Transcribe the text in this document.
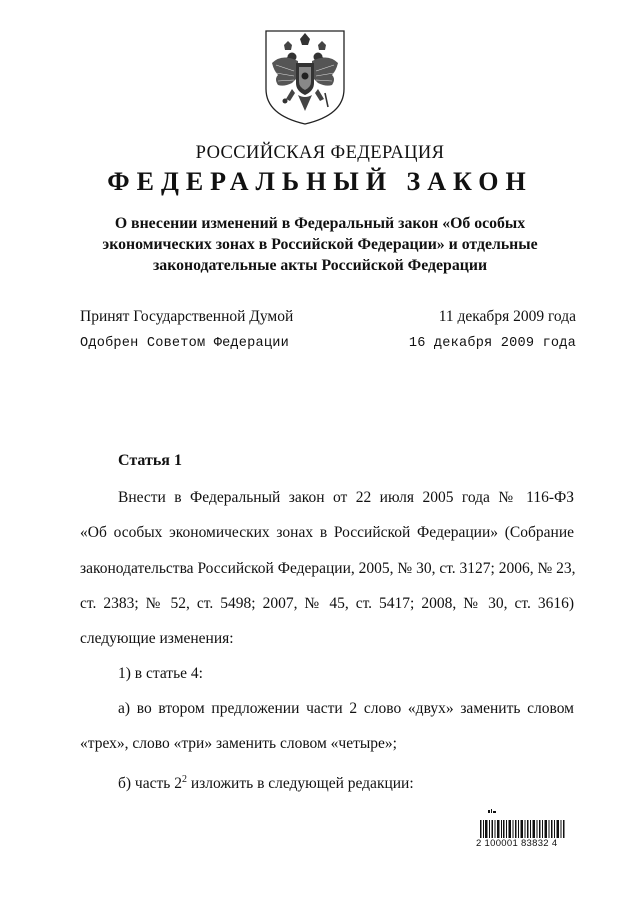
РОССИЙСКАЯ ФЕДЕРАЦИЯ
ФЕДЕРАЛЬНЫЙ ЗАКОН
О внесении изменений в Федеральный закон «Об особых
экономических зонах в Российской Федерации» и отдельные
законодательные акты Российской Федерации
Принят Государственной Думой	11 декабря 2009 года
Одобрен Советом Федерации	16 декабря 2009 года
Статья 1
Внести в Федеральный закон от 22 июля 2005 года № 116-ФЗ
«Об особых экономических зонах в Российской Федерации» (Собрание
законодательства Российской Федерации, 2005, № 30, ст. 3127; 2006, № 23,
ст. 2383; № 52, ст. 5498; 2007, № 45, ст. 5417; 2008, № 30, ст. 3616)
следующие изменения:
1) в статье 4:
а) во втором предложении части 2 слово «двух» заменить словом
«трех», слово «три» заменить словом «четыре»;
б) часть $2^2$ изложить в следующей редакции:
2 100001 83832 4
